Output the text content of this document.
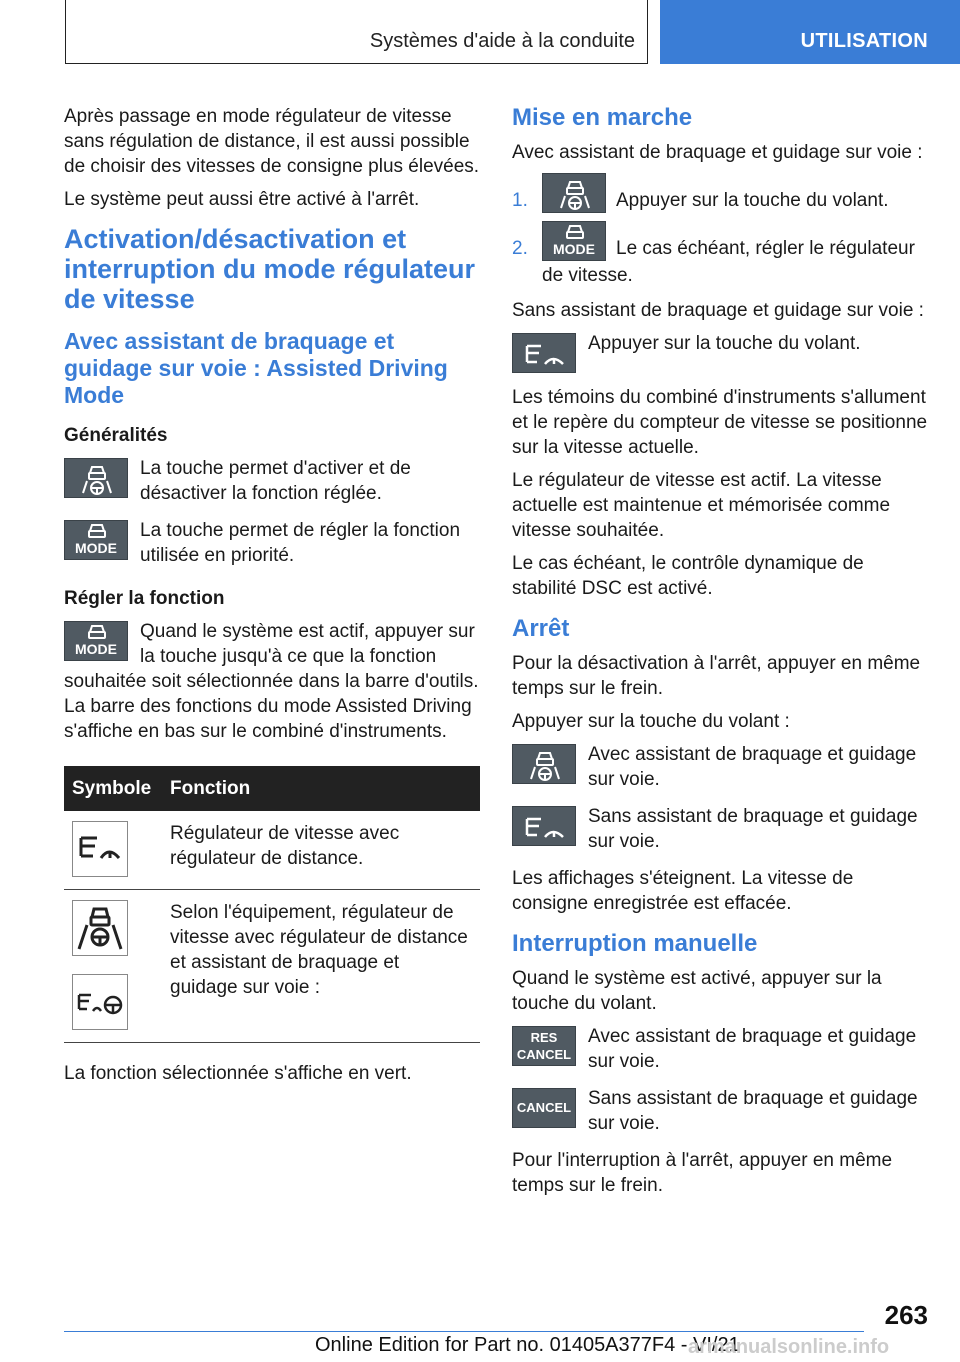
Systèmes d'aide à la conduite	UTILISATION

Après passage en mode régulateur de vitesse sans régulation de distance, il est aussi possible de choisir des vitesses de consigne plus élevées.

Le système peut aussi être activé à l'arrêt.

Activation/désactivation et interruption du mode régulateur de vitesse
Avec assistant de braquage et guidage sur voie : Assisted Driving Mode
Généralités
La touche permet d'activer et de désactiver la fonction réglée.
MODE
La touche permet de régler la fonction utilisée en priorité.
Régler la fonction

MODE
Quand le système est actif, appuyer sur la touche jusqu'à ce que la fonction souhaitée soit sélectionnée dans la barre d'outils. La barre des fonctions du mode Assisted Driving s'affiche en bas sur le combiné d'instruments.

Symbole	Fonction

	Régulateur de vitesse avec régulateur de distance.

	Selon l'équipement, régulateur de vitesse avec régulateur de distance et assistant de braquage et guidage sur voie :

La fonction sélectionnée s'affiche en vert.

Mise en marche

Avec assistant de braquage et guidage sur voie :

1.	Appuyer sur la touche du volant.
2.	MODE	Le cas échéant, régler le régulateur
de vitesse.

Sans assistant de braquage et guidage sur voie :

Appuyer sur la touche du volant.

Les témoins du combiné d'instruments s'allument et le repère du compteur de vitesse se positionne sur la vitesse actuelle.

Le régulateur de vitesse est actif. La vitesse actuelle est maintenue et mémorisée comme vitesse souhaitée.

Le cas échéant, le contrôle dynamique de stabilité DSC est activé.

Arrêt

Pour la désactivation à l'arrêt, appuyer en même temps sur le frein.

Appuyer sur la touche du volant :

Avec assistant de braquage et guidage sur voie.
Sans assistant de braquage et guidage sur voie.

Les affichages s'éteignent. La vitesse de consigne enregistrée est effacée.

Interruption manuelle

Quand le système est activé, appuyer sur la touche du volant.

RES
CANCEL
Avec assistant de braquage et guidage sur voie.
CANCEL Sans assistant de braquage et guidage sur voie.

Pour l'interruption à l'arrêt, appuyer en même temps sur le frein.

263
Online Edition for Part no. 01405A377F4 - VI/21
armanualsonline.info
